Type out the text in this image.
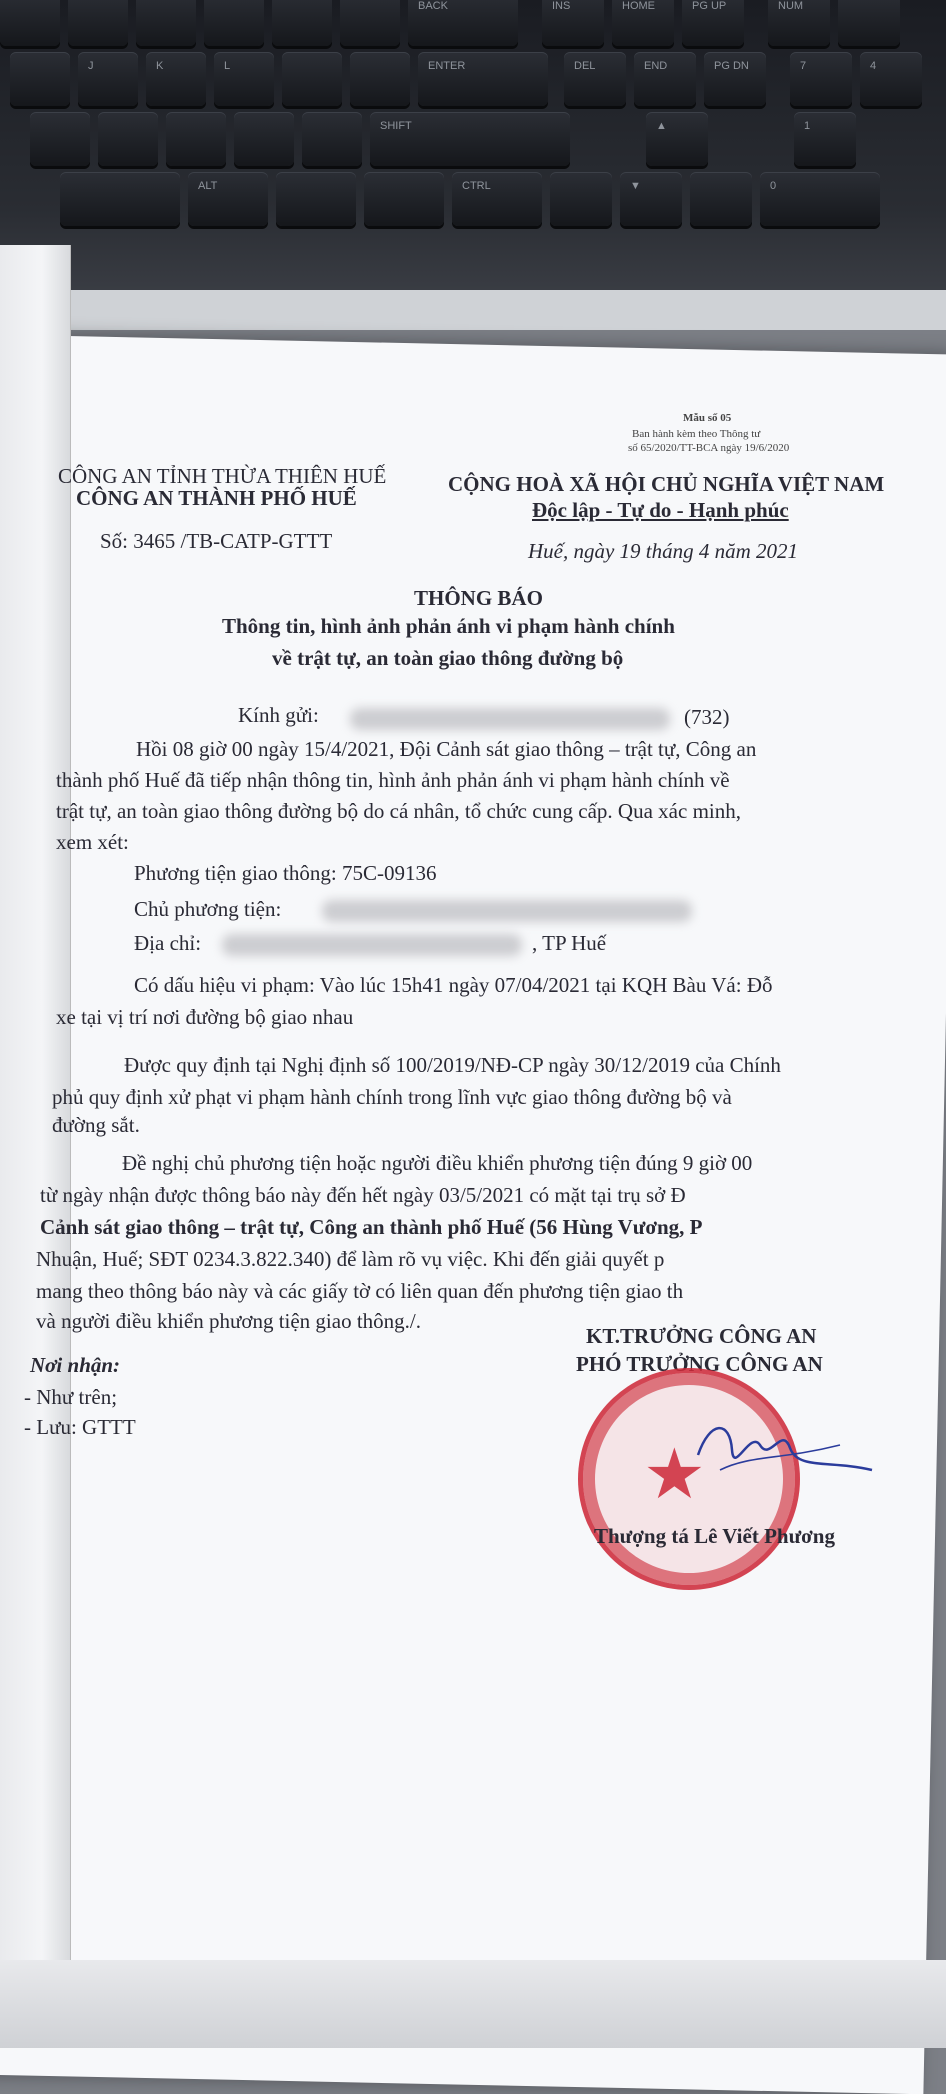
BACK	INS	HOME	PG UP	NUM
J	K	L	ENTER	DEL	END	PG DN	7	4
SHIFT	▲	1
ALT	CTRL	▼	0
Mẫu số 05
Ban hành kèm theo Thông tư
số 65/2020/TT-BCA ngày 19/6/2020
CÔNG AN TỈNH THỪA THIÊN HUẾ
CÔNG AN THÀNH PHỐ HUẾ
CỘNG HOÀ XÃ HỘI CHỦ NGHĨA VIỆT NAM
Độc lập - Tự do - Hạnh phúc
Số: 3465 /TB-CATP-GTTT	Huế, ngày 19 tháng 4 năm 2021
THÔNG BÁO
Thông tin, hình ảnh phản ánh vi phạm hành chính
về trật tự, an toàn giao thông đường bộ
Kính gửi:	(732)
Hồi 08 giờ 00 ngày 15/4/2021, Đội Cảnh sát giao thông – trật tự, Công an
thành phố Huế đã tiếp nhận thông tin, hình ảnh phản ánh vi phạm hành chính về
trật tự, an toàn giao thông đường bộ do cá nhân, tổ chức cung cấp. Qua xác minh,
xem xét:
Phương tiện giao thông: 75C-09136
Chủ phương tiện:
Địa chỉ:	, TP Huế
Có dấu hiệu vi phạm: Vào lúc 15h41 ngày 07/04/2021 tại KQH Bàu Vá: Đỗ
xe tại vị trí nơi đường bộ giao nhau
Được quy định tại Nghị định số 100/2019/NĐ-CP ngày 30/12/2019 của Chính
phủ quy định xử phạt vi phạm hành chính trong lĩnh vực giao thông đường bộ và
đường sắt.
Đề nghị chủ phương tiện hoặc người điều khiển phương tiện đúng 9 giờ 00
từ ngày nhận được thông báo này đến hết ngày 03/5/2021 có mặt tại trụ sở Đ
Cảnh sát giao thông – trật tự, Công an thành phố Huế (56 Hùng Vương, P
Nhuận, Huế; SĐT 0234.3.822.340) để làm rõ vụ việc. Khi đến giải quyết p
mang theo thông báo này và các giấy tờ có liên quan đến phương tiện giao th
và người điều khiển phương tiện giao thông./.
Nơi nhận:
- Như trên;
- Lưu: GTTT
KT.TRƯỞNG CÔNG AN
PHÓ TRƯỞNG CÔNG AN
★
Thượng tá Lê Viết Phương
